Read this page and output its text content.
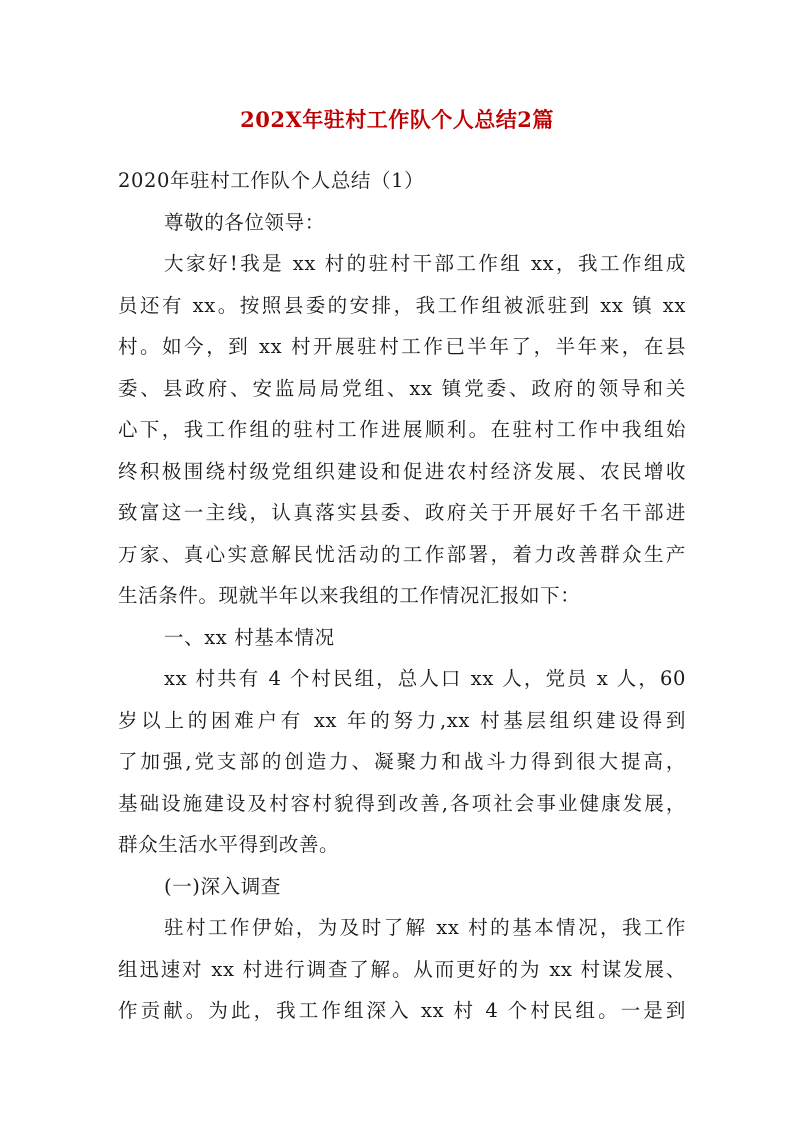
202X年驻村工作队个人总结2篇
2020年驻村工作队个人总结（1）
尊敬的各位领导：
大家好!我是 xx 村的驻村干部工作组 xx，我工作组成
员还有 xx。按照县委的安排，我工作组被派驻到 xx 镇 xx
村。如今，到 xx 村开展驻村工作已半年了，半年来，在县
委、县政府、安监局局党组、xx 镇党委、政府的领导和关
心下，我工作组的驻村工作进展顺利。在驻村工作中我组始
终积极围绕村级党组织建设和促进农村经济发展、农民增收
致富这一主线，认真落实县委、政府关于开展好千名干部进
万家、真心实意解民忧活动的工作部署，着力改善群众生产
生活条件。现就半年以来我组的工作情况汇报如下：
一、xx 村基本情况
xx 村共有 4 个村民组，总人口 xx 人，党员 x 人，60
岁以上的困难户有 xx 年的努力,xx 村基层组织建设得到
了加强,党支部的创造力、凝聚力和战斗力得到很大提高，
基础设施建设及村容村貌得到改善,各项社会事业健康发展，
群众生活水平得到改善。
(一)深入调查
驻村工作伊始，为及时了解 xx 村的基本情况，我工作
组迅速对 xx 村进行调查了解。从而更好的为 xx 村谋发展、
作贡献。为此，我工作组深入 xx 村 4 个村民组。一是到
